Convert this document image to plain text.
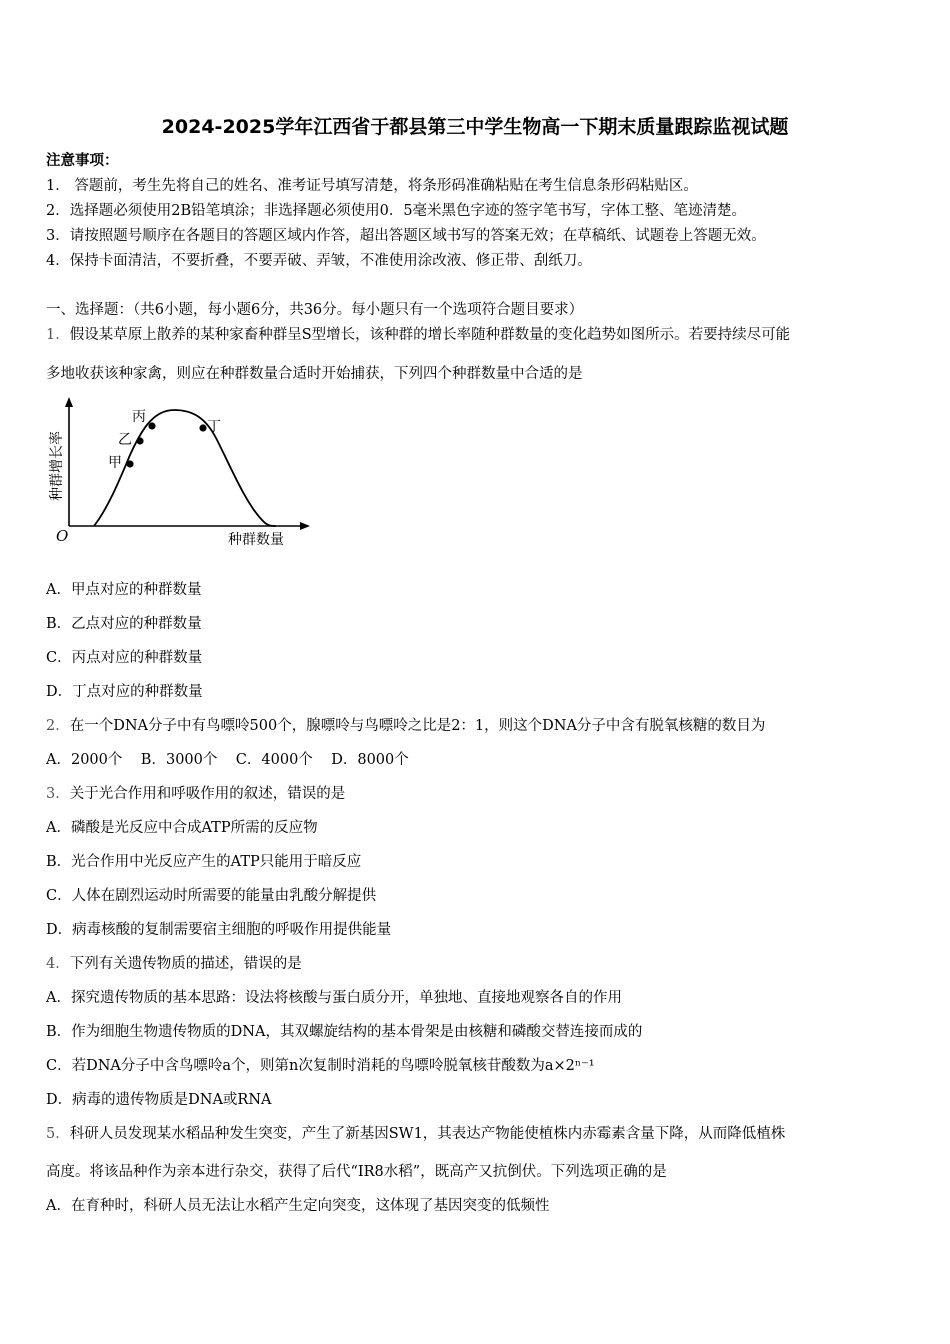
2024-2025学年江西省于都县第三中学生物高一下期末质量跟踪监视试题
注意事项：
1． 答题前，考生先将自己的姓名、准考证号填写清楚，将条形码准确粘贴在考生信息条形码粘贴区。
2．选择题必须使用2B铅笔填涂；非选择题必须使用0．5毫米黑色字迹的签字笔书写，字体工整、笔迹清楚。
3．请按照题号顺序在各题目的答题区域内作答，超出答题区域书写的答案无效；在草稿纸、试题卷上答题无效。
4．保持卡面清洁，不要折叠，不要弄破、弄皱，不准使用涂改液、修正带、刮纸刀。
一、选择题：（共6小题，每小题6分，共36分。每小题只有一个选项符合题目要求）
1．假设某草原上散养的某种家畜种群呈S型增长，该种群的增长率随种群数量的变化趋势如图所示。若要持续尽可能
多地收获该种家禽，则应在种群数量合适时开始捕获，下列四个种群数量中合适的是
甲
乙
丙
丁
O	种群数量
种群增长率
A．甲点对应的种群数量
B．乙点对应的种群数量
C．丙点对应的种群数量
D．丁点对应的种群数量
2．在一个DNA分子中有鸟嘌呤500个，腺嘌呤与鸟嘌呤之比是2：1，则这个DNA分子中含有脱氧核糖的数目为
A．2000个    B．3000个    C．4000个    D．8000个
3．关于光合作用和呼吸作用的叙述，错误的是
A．磷酸是光反应中合成ATP所需的反应物
B．光合作用中光反应产生的ATP只能用于暗反应
C．人体在剧烈运动时所需要的能量由乳酸分解提供
D．病毒核酸的复制需要宿主细胞的呼吸作用提供能量
4．下列有关遗传物质的描述，错误的是
A．探究遗传物质的基本思路：设法将核酸与蛋白质分开，单独地、直接地观察各自的作用
B．作为细胞生物遗传物质的DNA，其双螺旋结构的基本骨架是由核糖和磷酸交替连接而成的
C．若DNA分子中含鸟嘌呤a个，则第n次复制时消耗的鸟嘌呤脱氧核苷酸数为a×2ⁿ⁻¹
D．病毒的遗传物质是DNA或RNA
5．科研人员发现某水稻品种发生突变，产生了新基因SW1，其表达产物能使植株内赤霉素含量下降，从而降低植株
高度。将该品种作为亲本进行杂交，获得了后代“IR8水稻”，既高产又抗倒伏。下列选项正确的是
A．在育种时，科研人员无法让水稻产生定向突变，这体现了基因突变的低频性
